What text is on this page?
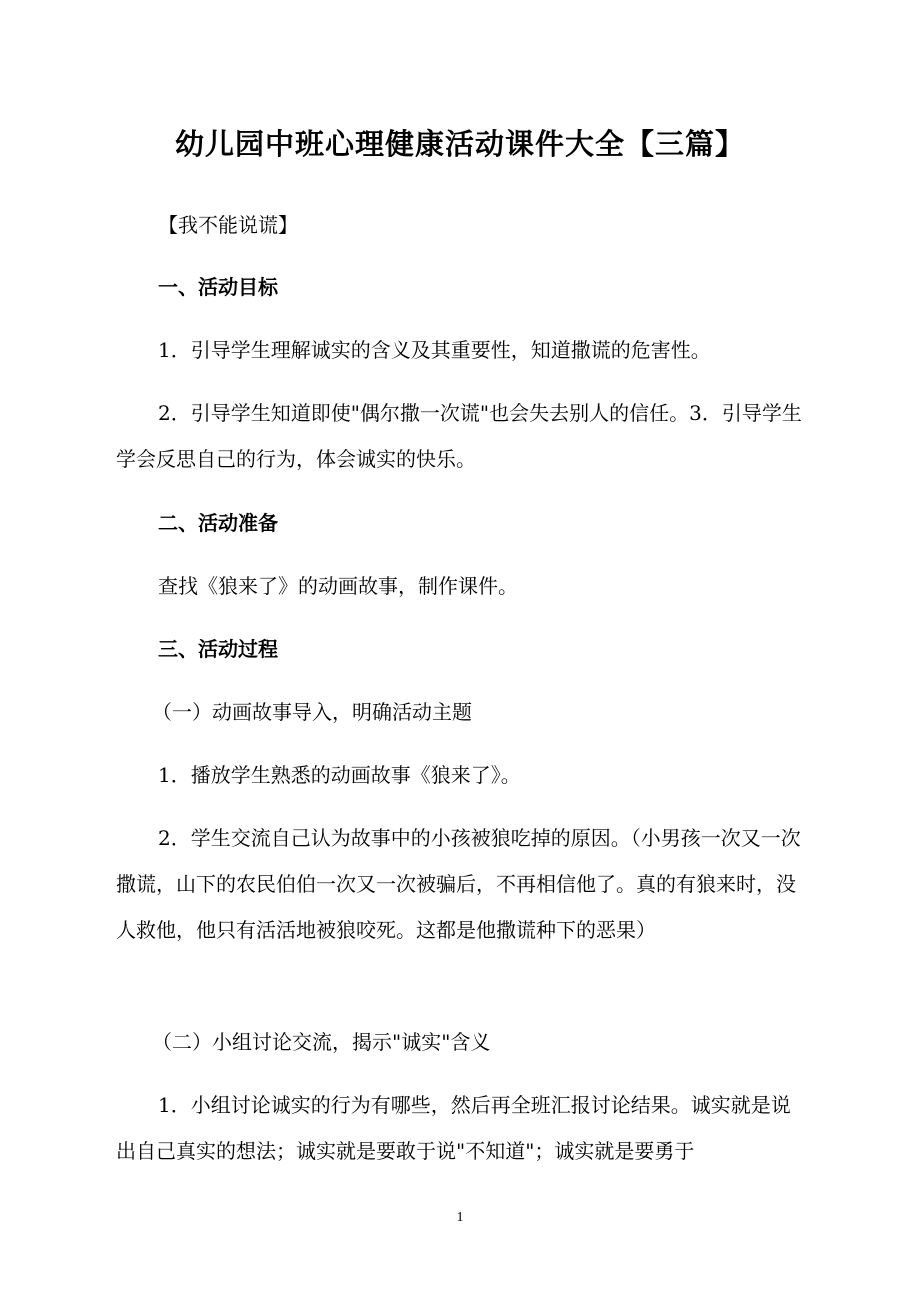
幼儿园中班心理健康活动课件大全【三篇】
【我不能说谎】
一、活动目标
1．引导学生理解诚实的含义及其重要性，知道撒谎的危害性。
2．引导学生知道即使"偶尔撒一次谎"也会失去别人的信任。3．引导学生学会反思自己的行为，体会诚实的快乐。
二、活动准备
查找《狼来了》的动画故事，制作课件。
三、活动过程
（一）动画故事导入，明确活动主题
1．播放学生熟悉的动画故事《狼来了》。
2．学生交流自己认为故事中的小孩被狼吃掉的原因。（小男孩一次又一次撒谎，山下的农民伯伯一次又一次被骗后，不再相信他了。真的有狼来时，没人救他，他只有活活地被狼咬死。这都是他撒谎种下的恶果）
（二）小组讨论交流，揭示"诚实"含义
1．小组讨论诚实的行为有哪些，然后再全班汇报讨论结果。诚实就是说出自己真实的想法；诚实就是要敢于说"不知道"；诚实就是要勇于
1
